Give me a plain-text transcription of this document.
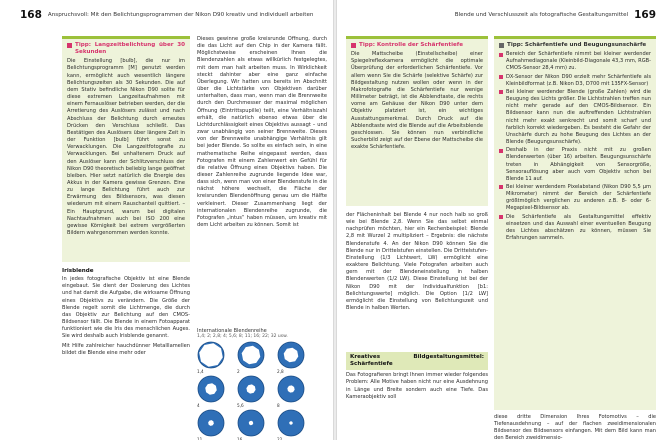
168 Anspruchsvoll: Mit den Belichtungsprogrammen der Nikon D90 kreativ und individuell arbeiten
Tipp: Langzeitbelichtung über 30 Sekunden

Die Einstellung [bulb], die nur im Belichtungsprogramm [M] genutzt werden kann, ermöglicht auch wesentlich längere Belichtungszeiten als 30 Sekunden. Die auf dem Stativ befindliche Nikon D90 sollte für diese extremen Langzeitaufnahmen mit einem Fernauslöser betrieben werden, der die Arretierung des Auslösers zulässt und nach Abschluss der Belichtung durch erneutes Drücken den Verschluss schließt. Das Bestätigen des Auslösers über längere Zeit in der Funktion [bulb] führt sonst zu Verwacklungen. Die Langzeitfotografie zu Verwacklungen. Bei unhaltenem Druck auf den Auslöser kann der Schlitzverschluss der Nikon D90 theoretisch beliebig lange geöffnet bleiben. Hier setzt natürlich die Energie des Akkus in der Kamera gewisse Grenzen. Eine zu lange Belichtung führt auch zur Erwärmung des Bildsensors, was diesen wiederum mit einem Rauschanteil quittiert. – Ein Hauptgrund, warum bei digitalen Nachtaufnahmen auch bei ISO 200 eine gewisse Körnigkeit bei extrem vergrößerten Bildern wahrgenommen werden konnte.

Irisblende

In jedes fotografische Objektiv ist eine Blende eingebaut. Sie dient der Dosierung des Lichtes und hat damit die Aufgabe, die wirksame Öffnung eines Objektivs zu verändern. Die Größe der Blende regelt somit die Lichtmenge, die durch das Objektiv zur Belichtung auf den CMOS-Bildsensor fällt. Die Blende in einem Fotoapparat funktioniert wie die Iris des menschlichen Auges. Sie wird deshalb auch Irisblende genannt.

Mit Hilfe zahlreicher hauchdünner Metalllamellen bildet die Blende eine mehr oder

Dieses gewinne große kreisrunde Öffnung, durch die das Licht auf den Chip in der Kamera fällt. Möglichstweise erscheinen Ihnen die Blendenzahlen als etwas willkürlich festgelegtes, mit dem man halt arbeiten muss. In Wirklichkeit steckt dahinter aber eine ganz einfache Überlegung. Wir hatten uns bereits im Abschnitt über die Lichtstärke von Objektiven darüber unterhalten, dass man, wenn man die Brennweite durch den Durchmesser der maximal möglichen Öffnung (Eintrittspupille) teilt, eine Verhältniszahl erhält, die natürlich ebenso etwas über die Lichtdurchlässigkeit eines Objektivs aussagt – und zwar unabhängig von seiner Brennweite. Dieses von der Brennweite unabhängige Verhältnis gilt bei jeder Blende. So sollte es einfach sein, in eine mathematische Reihe eingepasst werden, dass Fotografen mit einem Zahlenwert ein Gefühl für die relative Öffnung eines Objektivs haben. Die dieser Zahlenreihe zugrunde liegende Idee war, dass sich, wenn man von einer Blendenstufe in die nächst höhere wechselt, die Fläche der kreisrunden Blendenöffnung genau um die Hälfte verkleinert. Dieser Zusammenhang liegt der internationalen Blendenreihe zugrunde, die Fotografen „intus“ haben müssen, um kreativ mit dem Licht arbeiten zu können. Somit ist

Internationale Blendenreihe
1,4; 2; 2,8; 4; 5,6; 8; 11; 16; 22; 32 usw.
1,4	2	2,8
4	5,6	8
11	16	22
Blende und Verschlusszeit als fotografische Gestaltungsmittel 169
Tipp: Kontrolle der Schärfentiefe

Die Mattscheibe (Einstellscheibe) einer Spiegelreflexkamera ermöglicht die optimale Überprüfung der erforderlichen Schärfentiefe. Vor allem wenn Sie die Schärfe (selektive Schärfe) zur Bildgestaltung nutzen wollen oder wenn in der Makrofotografie die Schärfentiefe nur wenige Millimeter beträgt, ist die Abblendtaste, die rechts vorne am Gehäuse der Nikon D90 unter dem Objektiv platziert ist, ein wichtiges Ausstattungsmerkmal. Durch Druck auf die Abblendtaste wird die Blende auf die Arbeitsblende geschlossen. Sie können nun verbindliche Sucherbild zeigt auf der Ebene der Mattscheibe die exakte Schärfentiefe.

der Flächeninhalt bei Blende 4 nur noch halb so groß wie bei Blende 2,8. Wenn Sie das selbst einmal nachprüfen möchten, hier ein Rechenbeispiel: Blende 2,8 mit Wurzel 2 multipliziert – Ergebnis: die nächste Blendenstufe 4. An der Nikon D90 können Sie die Blende nur in Drittelstufen einstellen. Die Drittelstufen-Einstellung (1/3 Lichtwert, LW) ermöglicht eine exaktere Belichtung. Viele Fotografen arbeiten auch gern mit der Blendeneinstellung in halben Blendenwerten (1/2 LW). Diese Einstellung ist bei der Nikon D90 mit der Individualfunktion [b1: Belichtungswerte] möglich. Die Option [1/2 LW] ermöglicht die Einstellung von Belichtungszeit und Blende in halben Werten.

Kreatives Bildgestaltungsmittel: Schärfentiefe

Das Fotografieren bringt Ihnen immer wieder folgendes Problem: Alle Motive haben nicht nur eine Ausdehnung in Länge und Breite sondern auch eine Tiefe. Das Kameraobjektiv soll

Tipp: Schärfentiefe und Beugungsunschärfe
Bereich der Schärfentiefe nimmt bei kleiner werdender Aufnahmediagonale (Kleinbild-Diagonale 43,3 mm, RGB-CMOS-Sensor 28,4 mm) zu.
DX-Sensor der Nikon D90 erzielt mehr Schärfentiefe als Kleinbildformat (z.B. Nikon D3, D700 mit 135FX-Sensor)
Bei kleiner werdender Blende (große Zahlen) wird die Beugung des Lichts größer. Die Lichtstrahlen treffen nun nicht mehr gerade auf den CMOS-Bildsensor. Ein Bildsensor kann nun die auftreffenden Lichtstrahlen nicht mehr exakt senkrecht und somit scharf und farblich korrekt wiedergeben. Es besteht die Gefahr der Unschärfe durch zu hohe Beugung des Lichtes an der Blende (Beugungsunschärfe).
Deshalb in der Praxis nicht mit zu großen Blendenwerten (über 16) arbeiten. Beugungsunschärfe treten in Abhängigkeit von Sensorgröße, Sensorauflösung aber auch vom Objektiv schon bei Blende 11 auf.
Bei kleiner werdendem Pixelabstand (Nikon D90 5,5 µm Mikrometer) nimmt der Bereich der Schärfentiefe größtmöglich verglichen zu anderen z.B. 8- oder 6-Megapixel-Bildsensor ab.
Die Schärfentiefe als Gestaltungsmittel effektiv einsetzen und das Auswahl einer eventuellen Beugung des Lichtes abschätzen zu können, müssen Sie Erfahrungen sammeln.

diese dritte Dimension Ihres Fotomotivs – die Tiefenausdehnung – auf der flachen zweidimensionalen Bildsensor des Bildsensors einfangen. Mit dem Bild kann man den Bereich zweidimensio-
